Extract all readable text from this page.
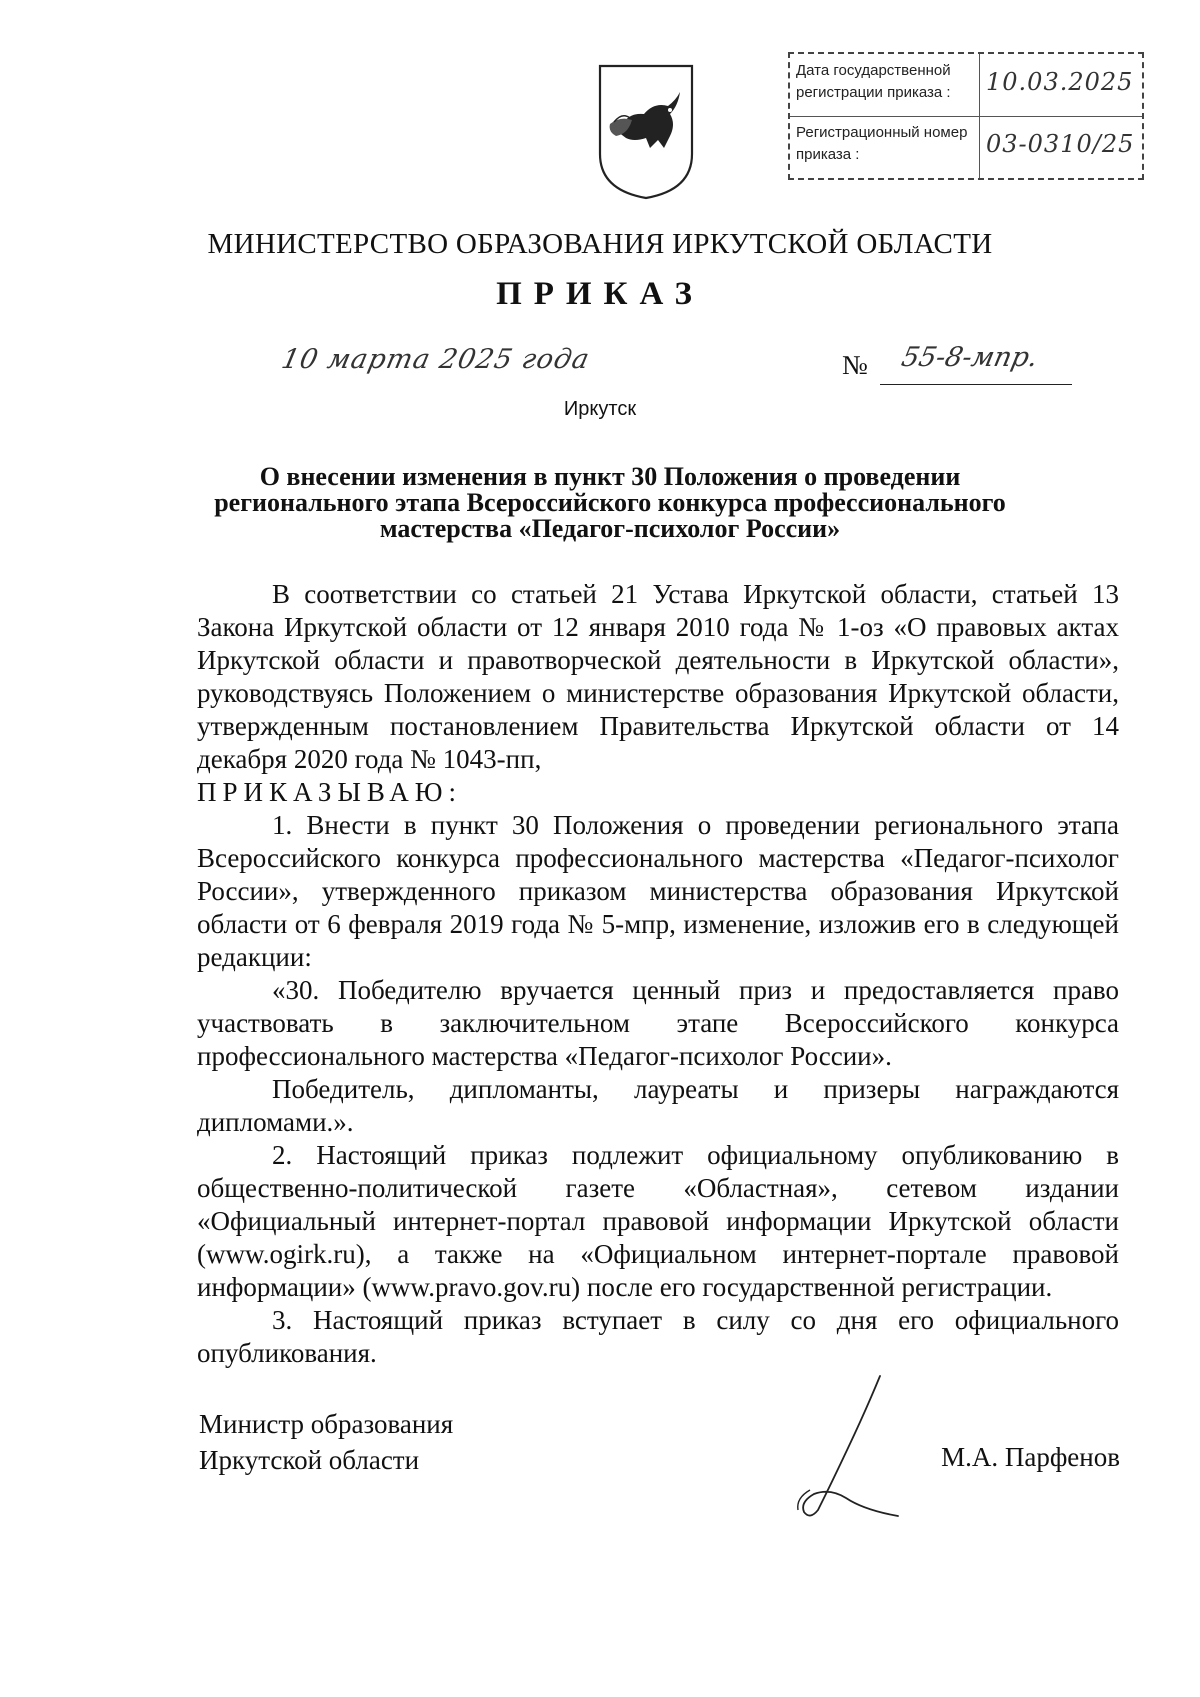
Дата государственной регистрации приказа :	10.03.2025
Регистрационный номер приказа :	03-0310/25
МИНИСТЕРСТВО ОБРАЗОВАНИЯ ИРКУТСКОЙ ОБЛАСТИ
ПРИКАЗ
10 марта 2025 года	№ 55-8-мпр.
Иркутск
О внесении изменения в пункт 30 Положения о проведении
регионального этапа Всероссийского конкурса профессионального
мастерства «Педагог-психолог России»

В соответствии со статьей 21 Устава Иркутской области, статьей 13 Закона Иркутской области от 12 января 2010 года № 1-оз «О правовых актах Иркутской области и правотворческой деятельности в Иркутской области», руководствуясь Положением о министерстве образования Иркутской области, утвержденным постановлением Правительства Иркутской области от 14 декабря 2020 года № 1043-пп,

ПРИКАЗЫВАЮ:

1. Внести в пункт 30 Положения о проведении регионального этапа Всероссийского конкурса профессионального мастерства «Педагог-психолог России», утвержденного приказом министерства образования Иркутской области от 6 февраля 2019 года № 5-мпр, изменение, изложив его в следующей редакции:

«30. Победителю вручается ценный приз и предоставляется право участвовать в заключительном этапе Всероссийского конкурса профессионального мастерства «Педагог-психолог России».

Победитель, дипломанты, лауреаты и призеры награждаются дипломами.».

2. Настоящий приказ подлежит официальному опубликованию в общественно-политической газете «Областная», сетевом издании «Официальный интернет-портал правовой информации Иркутской области (www.ogirk.ru), а также на «Официальном интернет-портале правовой информации» (www.pravo.gov.ru) после его государственной регистрации.

3. Настоящий приказ вступает в силу со дня его официального опубликования.

Министр образования
Иркутской области	М.А. Парфенов
